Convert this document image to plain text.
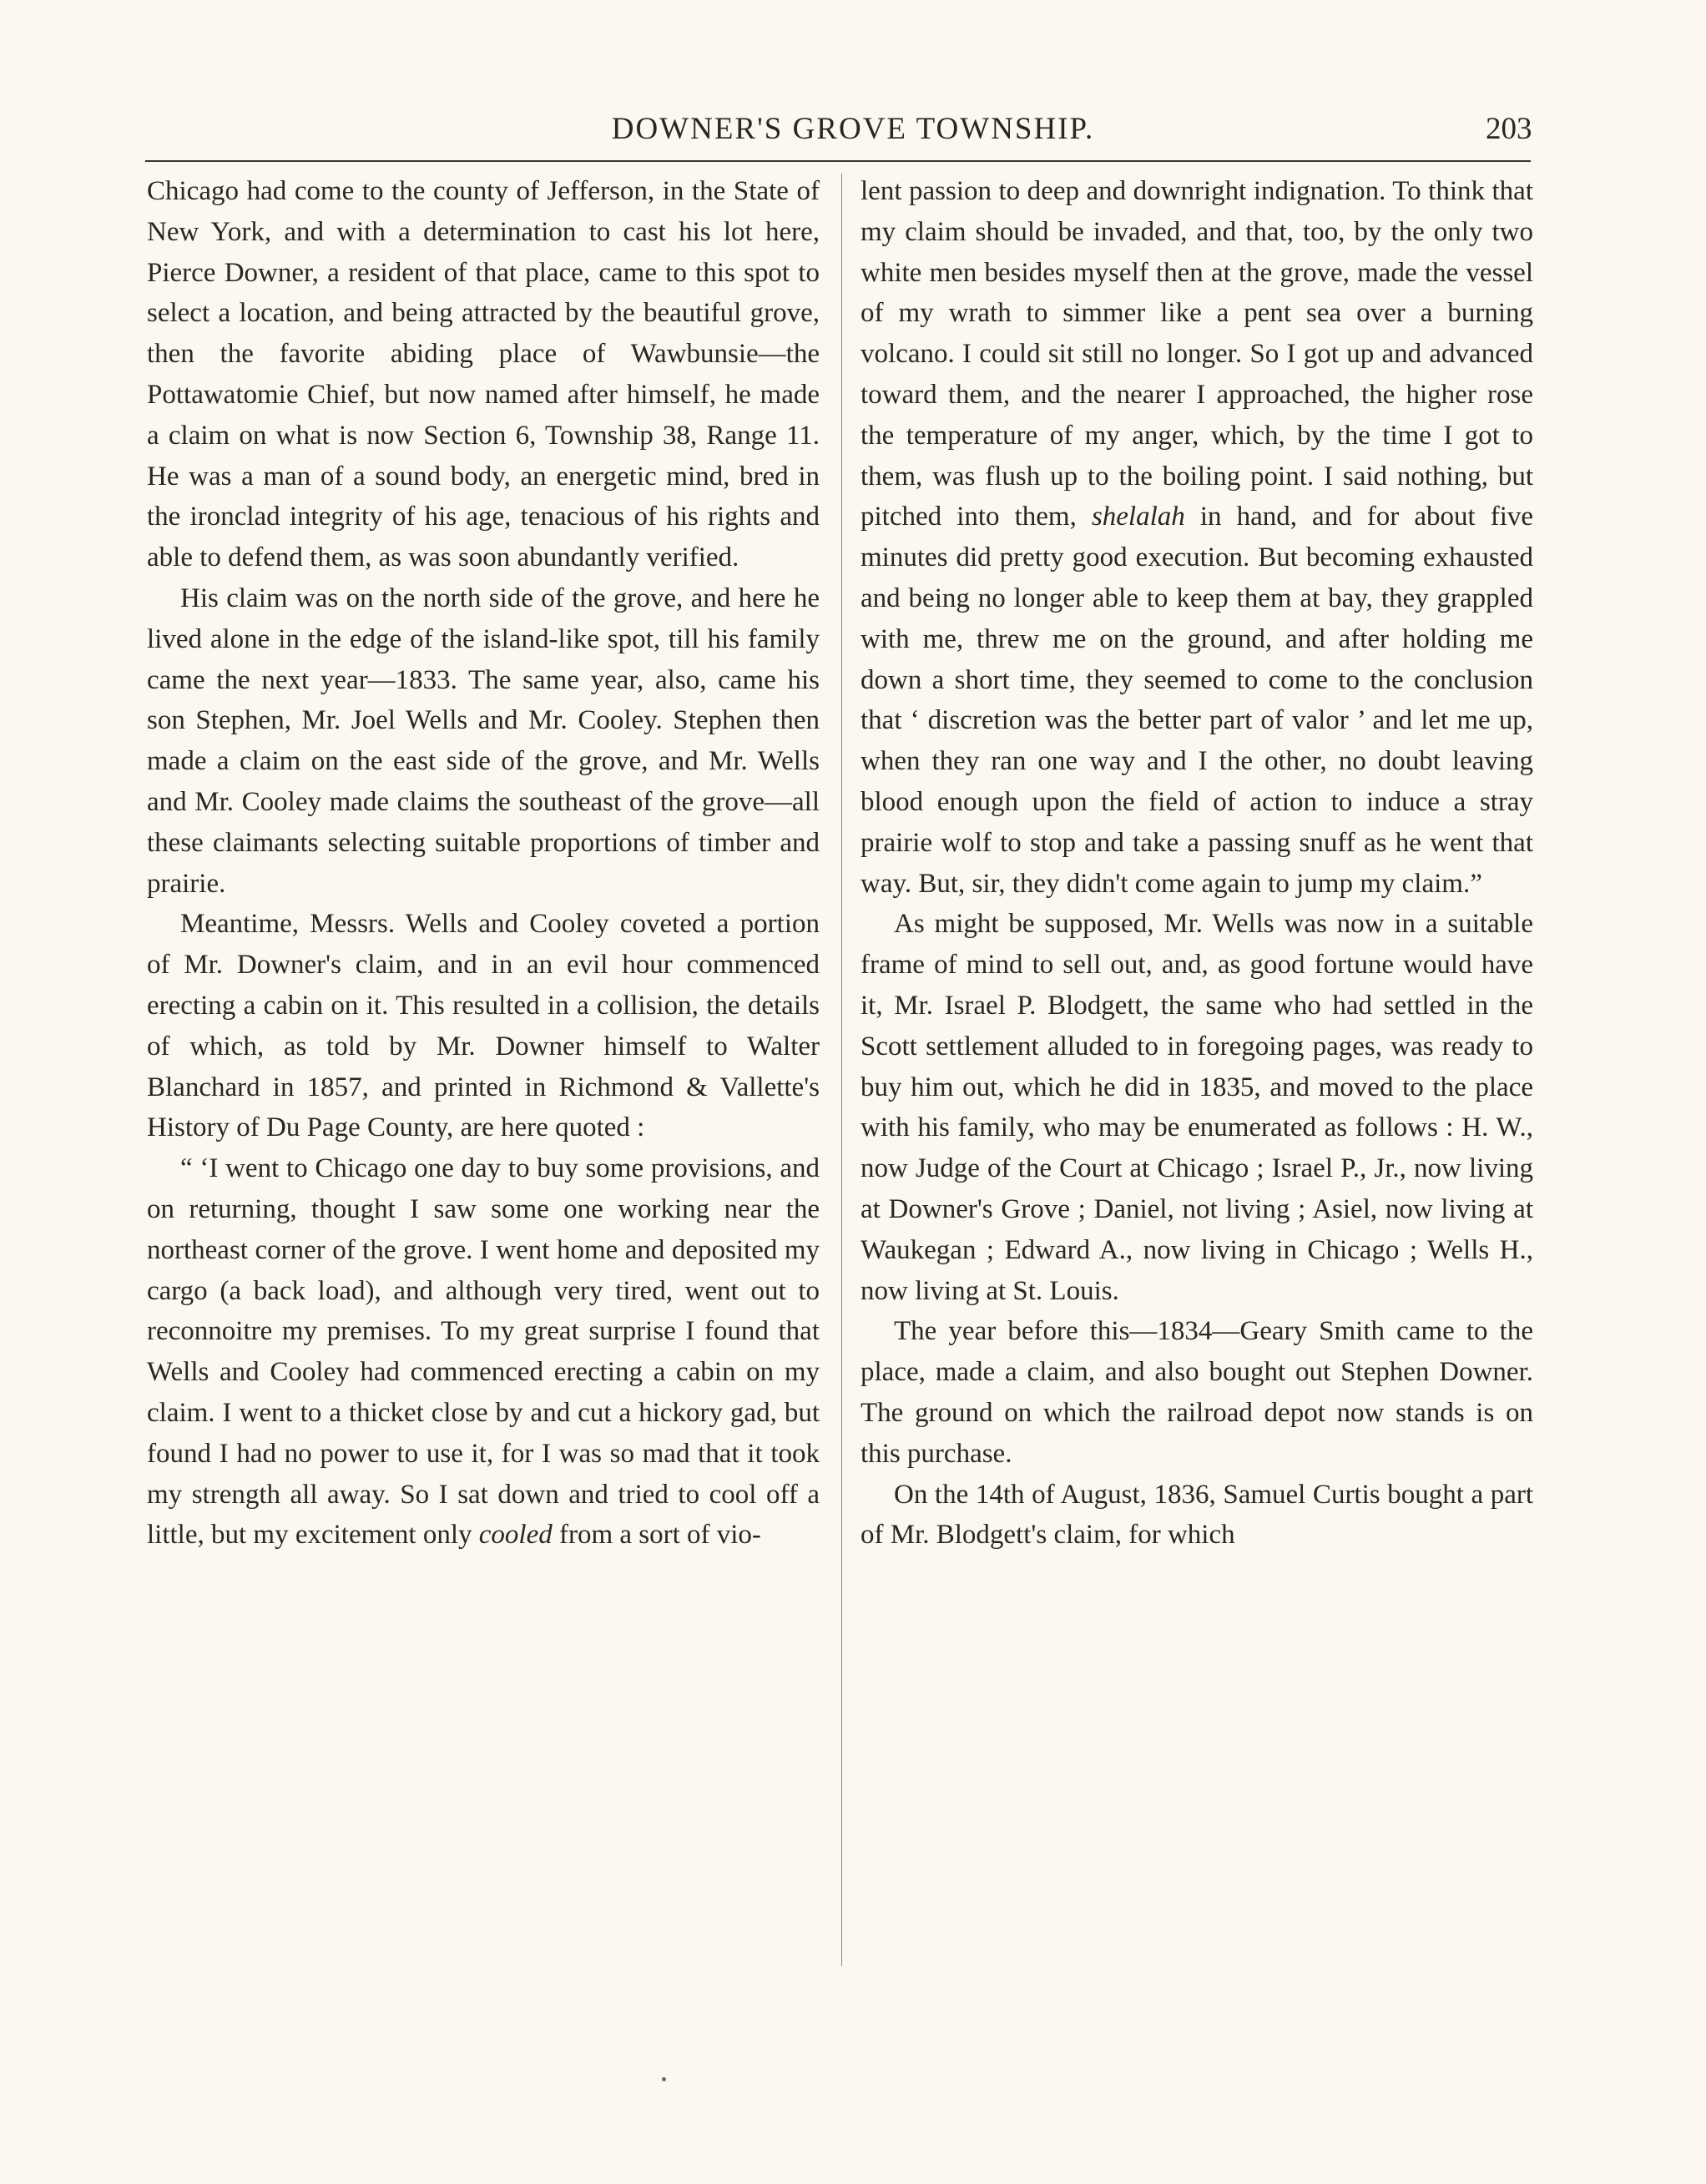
DOWNER'S GROVE TOWNSHIP.	203

Chicago had come to the county of Jefferson, in the State of New York, and with a determination to cast his lot here, Pierce Downer, a resident of that place, came to this spot to select a location, and being attracted by the beautiful grove, then the favorite abiding place of Wawbunsie—the Pottawatomie Chief, but now named after himself, he made a claim on what is now Section 6, Township 38, Range 11. He was a man of a sound body, an energetic mind, bred in the ironclad integrity of his age, tenacious of his rights and able to defend them, as was soon abundantly verified.

His claim was on the north side of the grove, and here he lived alone in the edge of the island-like spot, till his family came the next year—1833. The same year, also, came his son Stephen, Mr. Joel Wells and Mr. Cooley. Stephen then made a claim on the east side of the grove, and Mr. Wells and Mr. Cooley made claims the southeast of the grove—all these claimants selecting suitable proportions of timber and prairie.

Meantime, Messrs. Wells and Cooley coveted a portion of Mr. Downer's claim, and in an evil hour commenced erecting a cabin on it. This resulted in a collision, the details of which, as told by Mr. Downer himself to Walter Blanchard in 1857, and printed in Richmond & Vallette's History of Du Page County, are here quoted :

“ ‘I went to Chicago one day to buy some provisions, and on returning, thought I saw some one working near the northeast corner of the grove. I went home and deposited my cargo (a back load), and although very tired, went out to reconnoitre my premises. To my great surprise I found that Wells and Cooley had commenced erecting a cabin on my claim. I went to a thicket close by and cut a hickory gad, but found I had no power to use it, for I was so mad that it took my strength all away. So I sat down and tried to cool off a little, but my excitement only cooled from a sort of vio-

lent passion to deep and downright indignation. To think that my claim should be invaded, and that, too, by the only two white men besides myself then at the grove, made the vessel of my wrath to simmer like a pent sea over a burning volcano. I could sit still no longer. So I got up and advanced toward them, and the nearer I approached, the higher rose the temperature of my anger, which, by the time I got to them, was flush up to the boiling point. I said nothing, but pitched into them, shelalah in hand, and for about five minutes did pretty good execution. But becoming exhausted and being no longer able to keep them at bay, they grappled with me, threw me on the ground, and after holding me down a short time, they seemed to come to the conclusion that ‘ discretion was the better part of valor ’ and let me up, when they ran one way and I the other, no doubt leaving blood enough upon the field of action to induce a stray prairie wolf to stop and take a passing snuff as he went that way. But, sir, they didn't come again to jump my claim.”

As might be supposed, Mr. Wells was now in a suitable frame of mind to sell out, and, as good fortune would have it, Mr. Israel P. Blodgett, the same who had settled in the Scott settlement alluded to in foregoing pages, was ready to buy him out, which he did in 1835, and moved to the place with his family, who may be enumerated as follows : H. W., now Judge of the Court at Chicago ; Israel P., Jr., now living at Downer's Grove ; Daniel, not living ; Asiel, now living at Waukegan ; Edward A., now living in Chicago ; Wells H., now living at St. Louis.

The year before this—1834—Geary Smith came to the place, made a claim, and also bought out Stephen Downer. The ground on which the railroad depot now stands is on this purchase.

On the 14th of August, 1836, Samuel Curtis bought a part of Mr. Blodgett's claim, for which
